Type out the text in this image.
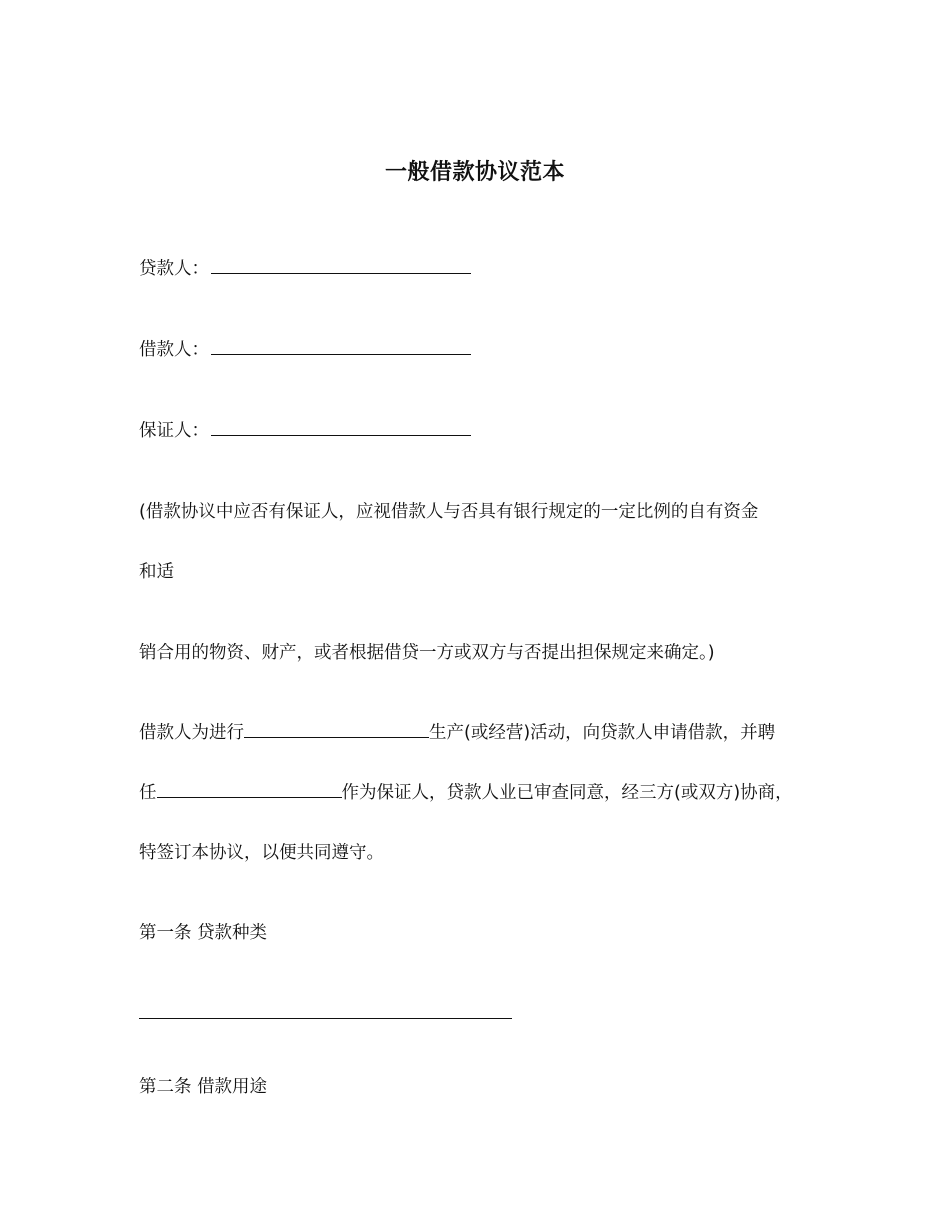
一般借款协议范本
贷款人：
借款人：
保证人：
(借款协议中应否有保证人，应视借款人与否具有银行规定的一定比例的自有资金
和适
销合用的物资、财产，或者根据借贷一方或双方与否提出担保规定来确定。)
借款人为进行	生产(或经营)活动，向贷款人申请借款，并聘
任	作为保证人，贷款人业已审查同意，经三方(或双方)协商，
特签订本协议，以便共同遵守。
第一条 贷款种类
第二条 借款用途
